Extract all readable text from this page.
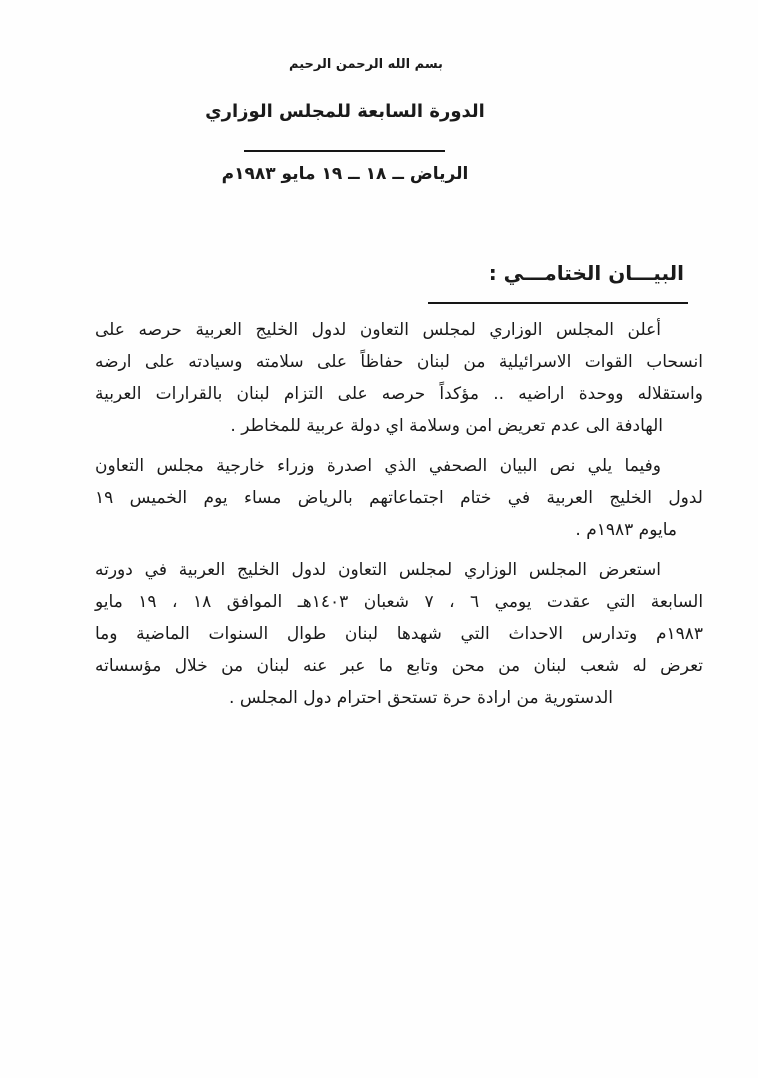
بسم الله الرحمن الرحيم
الدورة السابعة للمجلس الوزاري
الرياض ــ ١٨ ــ ١٩ مايو ١٩٨٣م
البيـــان الختامـــي :
أعلن المجلس الوزاري لمجلس التعاون لدول الخليج العربية حرصه على
انسحاب القوات الاسرائيلية من لبنان حفاظاً على سلامته وسيادته على ارضه
واستقلاله ووحدة اراضيه .. مؤكداً حرصه على التزام لبنان بالقرارات العربية
الهادفة الى عدم تعريض امن وسلامة اي دولة عربية للمخاطر .
وفيما يلي نص البيان الصحفي الذي اصدرة وزراء خارجية مجلس التعاون
لدول الخليج العربية في ختام اجتماعاتهم بالرياض مساء يوم الخميس ١٩
مايوم ١٩٨٣م .
استعرض المجلس الوزاري لمجلس التعاون لدول الخليج العربية في دورته
السابعة التي عقدت يومي ٦ ، ٧ شعبان ١٤٠٣هـ الموافق ١٨ ، ١٩ مايو
١٩٨٣م وتدارس الاحداث التي شهدها لبنان طوال السنوات الماضية وما
تعرض له شعب لبنان من محن وتابع ما عبر عنه لبنان من خلال مؤسساته
الدستورية من ارادة حرة تستحق احترام دول المجلس .
